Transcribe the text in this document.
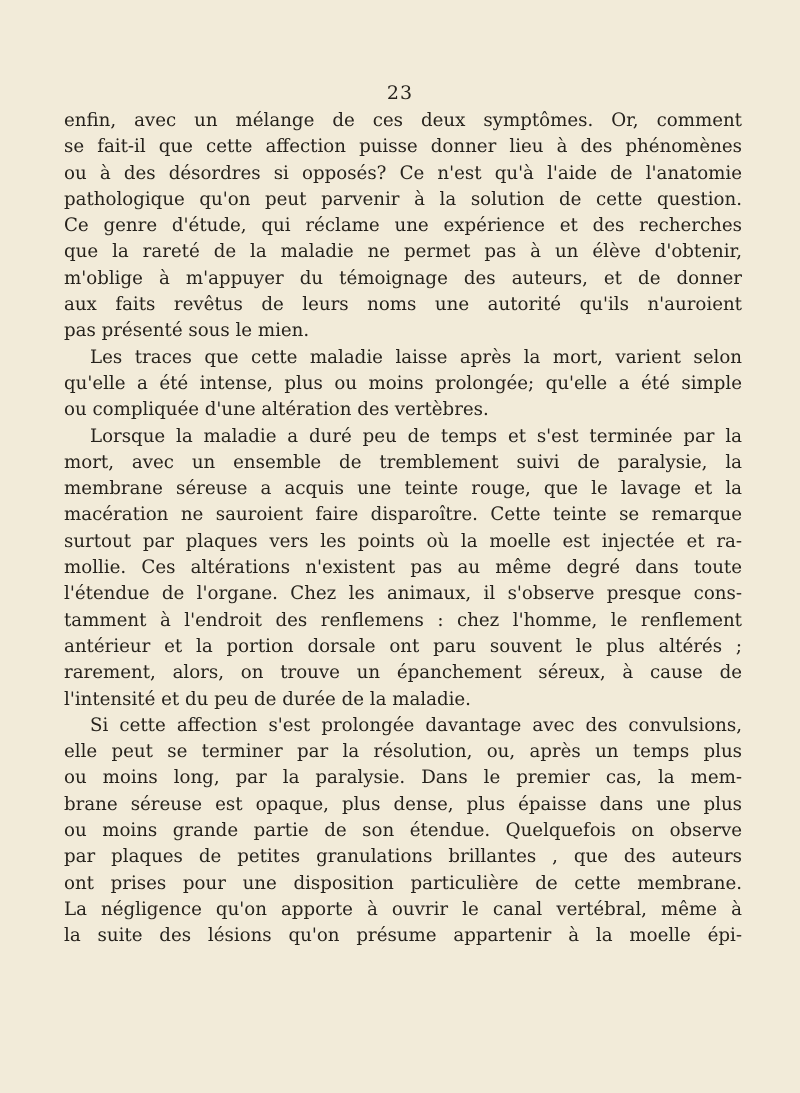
23
enfin, avec un mélange de ces deux symptômes. Or, comment
se fait-il que cette affection puisse donner lieu à des phénomènes
ou à des désordres si opposés? Ce n'est qu'à l'aide de l'anatomie
pathologique qu'on peut parvenir à la solution de cette question.
Ce genre d'étude, qui réclame une expérience et des recherches
que la rareté de la maladie ne permet pas à un élève d'obtenir,
m'oblige à m'appuyer du témoignage des auteurs, et de donner
aux faits revêtus de leurs noms une autorité qu'ils n'auroient
pas présenté sous le mien.
Les traces que cette maladie laisse après la mort, varient selon
qu'elle a été intense, plus ou moins prolongée; qu'elle a été simple
ou compliquée d'une altération des vertèbres.
Lorsque la maladie a duré peu de temps et s'est terminée par la
mort, avec un ensemble de tremblement suivi de paralysie, la
membrane séreuse a acquis une teinte rouge, que le lavage et la
macération ne sauroient faire disparoître. Cette teinte se remarque
surtout par plaques vers les points où la moelle est injectée et ra-
mollie. Ces altérations n'existent pas au même degré dans toute
l'étendue de l'organe. Chez les animaux, il s'observe presque cons-
tamment à l'endroit des renflemens : chez l'homme, le renflement
antérieur et la portion dorsale ont paru souvent le plus altérés ;
rarement, alors, on trouve un épanchement séreux, à cause de
l'intensité et du peu de durée de la maladie.
Si cette affection s'est prolongée davantage avec des convulsions,
elle peut se terminer par la résolution, ou, après un temps plus
ou moins long, par la paralysie. Dans le premier cas, la mem-
brane séreuse est opaque, plus dense, plus épaisse dans une plus
ou moins grande partie de son étendue. Quelquefois on observe
par plaques de petites granulations brillantes , que des auteurs
ont prises pour une disposition particulière de cette membrane.
La négligence qu'on apporte à ouvrir le canal vertébral, même à
la suite des lésions qu'on présume appartenir à la moelle épi-
